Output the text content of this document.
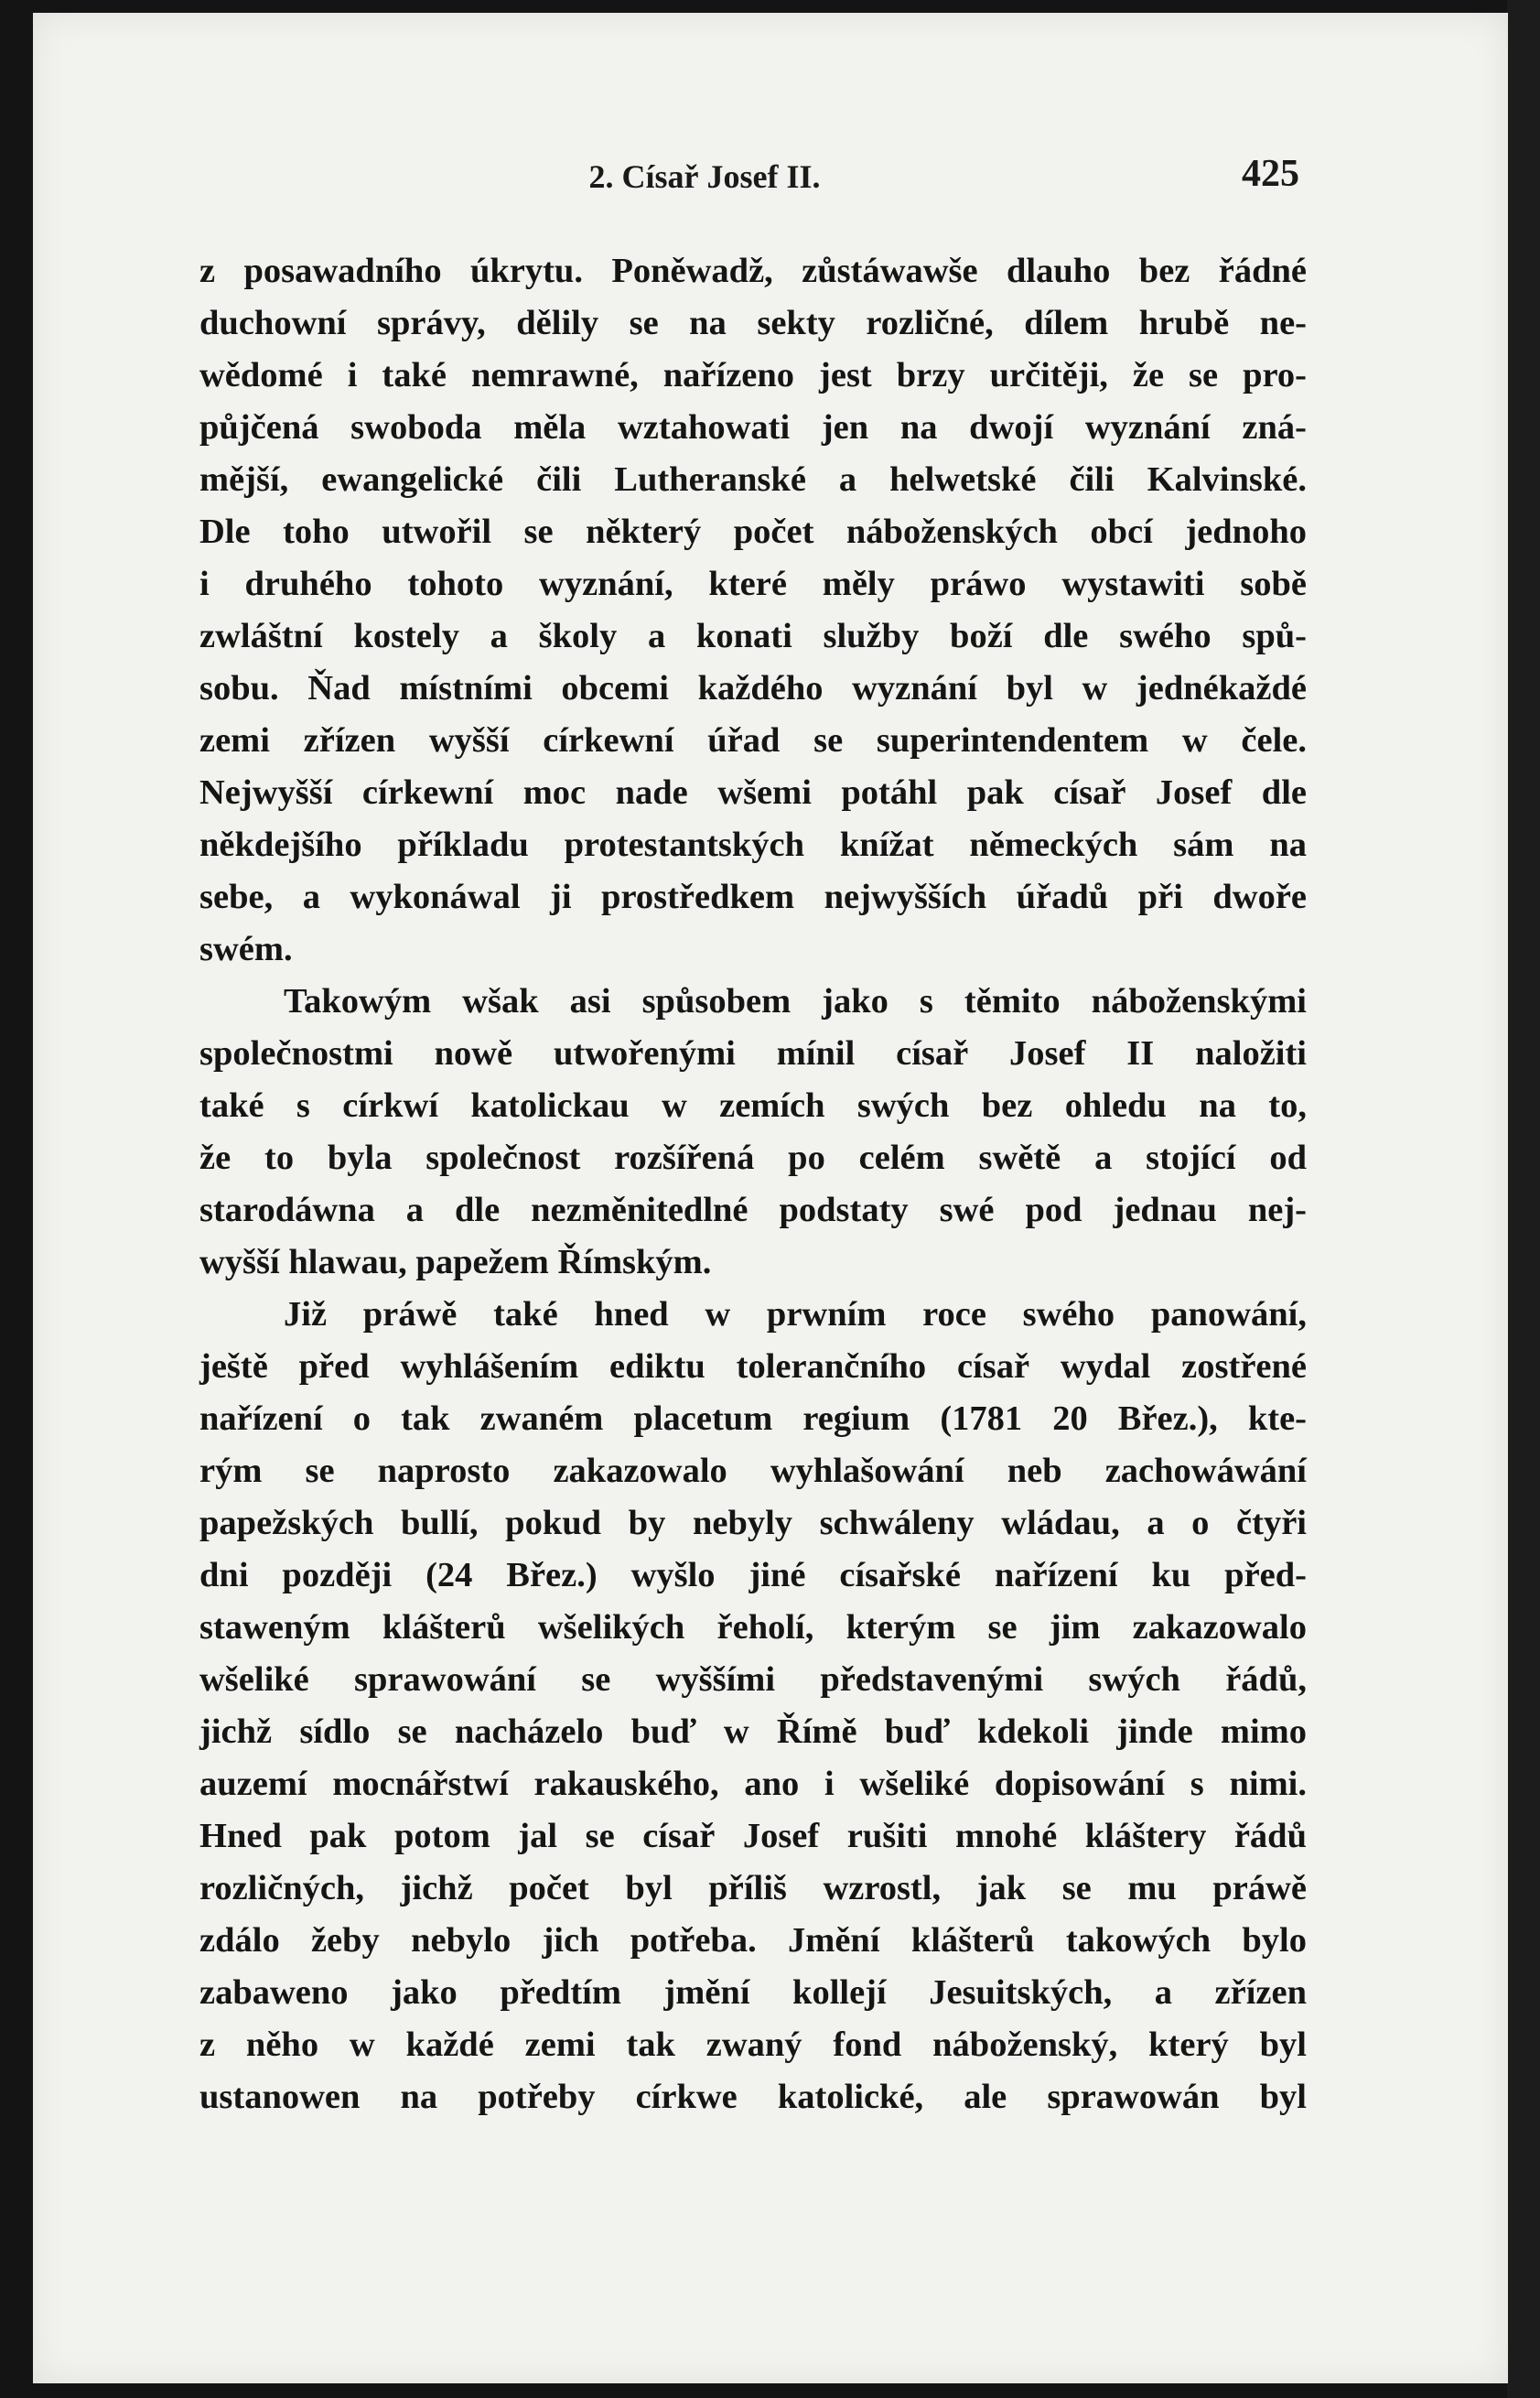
2. Císař Josef II.	425
z posawadního úkrytu. Poněwadž, zůstáwawše dlauho bez řádné
duchowní správy, dělily se na sekty rozličné, dílem hrubě ne-
wědomé i také nemrawné, nařízeno jest brzy určitěji, že se pro-
půjčená swoboda měla wztahowati jen na dwojí wyznání zná-
mější, ewangelické čili Lutheranské a helwetské čili Kalvinské.
Dle toho utwořil se některý počet náboženských obcí jednoho
i druhého tohoto wyznání, které měly práwo wystawiti sobě
zwláštní kostely a školy a konati služby boží dle swého spů-
sobu. Ňad místními obcemi každého wyznání byl w jednékaždé
zemi zřízen wyšší církewní úřad se superintendentem w čele.
Nejwyšší církewní moc nade wšemi potáhl pak císař Josef dle
někdejšího příkladu protestantských knížat německých sám na
sebe, a wykonáwal ji prostředkem nejwyšších úřadů při dwoře
swém.
Takowým wšak asi spůsobem jako s těmito náboženskými
společnostmi nowě utwořenými mínil císař Josef II naložiti
také s církwí katolickau w zemích swých bez ohledu na to,
že to byla společnost rozšířená po celém swětě a stojící od
starodáwna a dle nezměnitedlné podstaty swé pod jednau nej-
wyšší hlawau, papežem Římským.
Již práwě také hned w prwním roce swého panowání,
ještě před wyhlášením ediktu tolerančního císař wydal zostřené
nařízení o tak zwaném placetum regium (1781 20 Břez.), kte-
rým se naprosto zakazowalo wyhlašowání neb zachowáwání
papežských bullí, pokud by nebyly schwáleny wládau, a o čtyři
dni později (24 Břez.) wyšlo jiné císařské nařízení ku před-
stawеným klášterů wšelikých řeholí, kterým se jim zakazowalo
wšeliké sprawowání se wyššími představenými swých řádů,
jichž sídlo se nacházelo buď w Římě buď kdekoli jinde mimo
auzemí mocnářstwí rakauského, ano i wšeliké dopisowání s nimi.
Hned pak potom jal se císař Josef rušiti mnohé kláštery řádů
rozličných, jichž počet byl příliš wzrostl, jak se mu práwě
zdálo žeby nebylo jich potřeba. Jmění klášterů takowých bylo
zabaweno jako předtím jmění kollejí Jesuitských, a zřízen
z něho w každé zemi tak zwaný fond náboženský, který byl
ustanowen na potřeby církwe katolické, ale sprawowán byl
